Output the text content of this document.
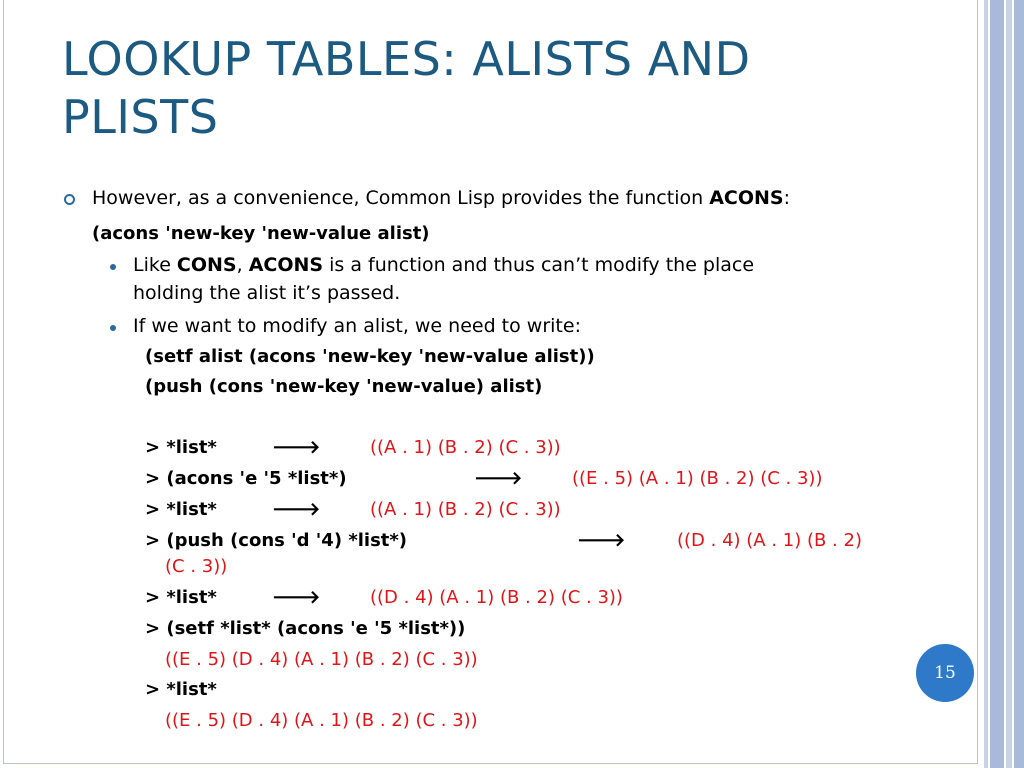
LOOKUP TABLES: ALISTS AND
PLISTS
However, as a convenience, Common Lisp provides the function ACONS:
(acons 'new-key 'new-value alist)
Like CONS, ACONS is a function and thus can’t modify the place
holding the alist it’s passed.
If we want to modify an alist, we need to write:
(setf alist (acons 'new-key 'new-value alist))
(push (cons 'new-key 'new-value) alist)
> *list*	🡒	((A . 1) (B . 2) (C . 3))
> (acons 'e '5 *list*)	🡒	((E . 5) (A . 1) (B . 2) (C . 3))
> *list*	🡒	((A . 1) (B . 2) (C . 3))
> (push (cons 'd '4) *list*)	🡒	((D . 4) (A . 1) (B . 2)
(C . 3))
> *list*	🡒	((D . 4) (A . 1) (B . 2) (C . 3))
> (setf *list* (acons 'e '5 *list*))
((E . 5) (D . 4) (A . 1) (B . 2) (C . 3))
> *list*
((E . 5) (D . 4) (A . 1) (B . 2) (C . 3))
15
